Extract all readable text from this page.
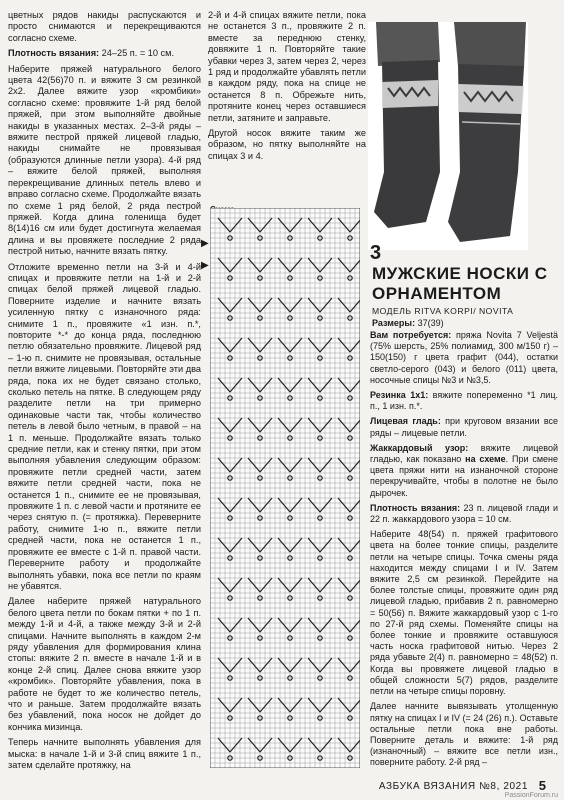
цветных рядов накиды распускаются и просто снимаются и перекрещиваются согласно схеме.

Плотность вязания: 24–25 п. = 10 см.

Наберите пряжей натурального белого цвета 42(56)70 п. и вяжите 3 см резинкой 2х2. Далее вяжите узор «кромбики» согласно схеме: провяжите 1-й ряд белой пряжей, при этом выполняйте двойные накиды в указанных местах. 2–3-й ряды – вяжите пестрой пряжей лицевой гладью, накиды снимайте не провязывая (образуются длинные петли узора). 4-й ряд – вяжите белой пряжей, выполняя перекрещивание длинных петель влево и вправо согласно схеме. Продолжайте вязать по схеме 1 ряд белой, 2 ряда пестрой пряжей. Когда длина голенища будет 8(14)16 см или будет достигнута желаемая длина и вы провяжете последние 2 ряда пестрой нитью, начните вязать пятку.

Отложите временно петли на 3-й и 4-й спицах и провяжите петли на 1-й и 2-й спицах белой пряжей лицевой гладью. Поверните изделие и начните вязать усиленную пятку с изнаночного ряда: снимите 1 п., провяжите «1 изн. п.*, повторите *-* до конца ряда, последнюю петлю обязательно провяжите. Лицевой ряд – 1-ю п. снимите не провязывая, остальные петли вяжите лицевыми. Повторяйте эти два ряда, пока их не будет связано столько, сколько петель на пятке. В следующем ряду разделите петли на три примерно одинаковые части так, чтобы количество петель в левой было четным, в правой – на 1 п. меньше. Продолжайте вязать только средние петли, как и стенку пятки, при этом выполняя убавления следующим образом: провяжите петли средней части, затем вяжите петли средней части, пока не останется 1 п., снимите ее не провязывая, провяжите 1 п. с левой части и протяните ее через снятую п. (= протяжка). Переверните работу, снимите 1-ю п., вяжите петли средней части, пока не останется 1 п., провяжите ее вместе с 1-й п. правой части. Переверните работу и продолжайте выполнять убавки, пока все петли по краям не убавятся.

Далее наберите пряжей натурального белого цвета петли по бокам пятки + по 1 п. между 1-й и 4-й, а также между 3-й и 2-й спицами. Начните выполнять в каждом 2-м ряду убавления для формирования клина стопы: вяжите 2 п. вместе в начале 1-й и в конце 2-й спиц. Далее снова вяжите узор «кромбик». Повторяйте убавления, пока в работе не будет то же количество петель, что и раньше. Затем продолжайте вязать без убавлений, пока носок не дойдет до кончика мизинца.

Теперь начните выполнять убавления для мыска: в начале 1-й и 3-й спиц вяжите 1 п., затем сделайте протяжку, на

2-й и 4-й спицах вяжите петли, пока не останется 3 п., провяжите 2 п. вместе за переднюю стенку, довяжите 1 п. Повторяйте такие убавки через 3, затем через 2, через 1 ряд и продолжайте убавлять петли в каждом ряду, пока на спице не останется 8 п. Обрежьте нить, протяните конец через оставшиеся петли, затяните и заправьте.

Другой носок вяжите таким же образом, но пятку выполняйте на спицах 3 и 4.

▶
▶
3
МУЖСКИЕ НОСКИ С ОРНАМЕНТОМ
МОДЕЛЬ RITVA KORPI/ NOVITA
Размеры: 37(39)

Вам потребуется: пряжа Novita 7 Veljestä (75% шерсть, 25% полиамид, 300 м/150 г) – 150(150) г цвета графит (044), остатки светло-серого (043) и белого (011) цвета, носочные спицы №3 и №3,5.

Резинка 1х1: вяжите попеременно *1 лиц. п., 1 изн. п.*.

Лицевая гладь: при круговом вязании все ряды – лицевые петли.

Жаккардовый узор: вяжите лицевой гладью, как показано на схеме. При смене цвета пряжи нити на изнаночной стороне перекручивайте, чтобы в полотне не было дырочек.

Плотность вязания: 23 п. лицевой глади и 22 п. жаккардового узора = 10 см.

Наберите 48(54) п. пряжей графитового цвета на более тонкие спицы, разделите петли на четыре спицы. Точка смены ряда находится между спицами I и IV. Затем вяжите 2,5 см резинкой. Перейдите на более толстые спицы, провяжите один ряд лицевой гладью, прибавив 2 п. равномерно = 50(56) п. Вяжите жаккардовый узор с 1-го по 27-й ряд схемы. Поменяйте спицы на более тонкие и провяжите оставшуюся часть носка графитовой нитью. Через 2 ряда убавьте 2(4) п. равномерно = 48(52) п. Когда вы провяжете лицевой гладью в общей сложности 5(7) рядов, разделите петли на четыре спицы поровну.

Далее начните вывязывать утолщенную пятку на спицах I и IV (= 24 (26) п.). Оставьте остальные петли пока вне работы. Поверните деталь и вяжите: 1-й ряд (изнаночный) – вяжите все петли изн., поверните работу. 2-й ряд –

АЗБУКА ВЯЗАНИЯ №8, 2021 5
PassionForum.ru
